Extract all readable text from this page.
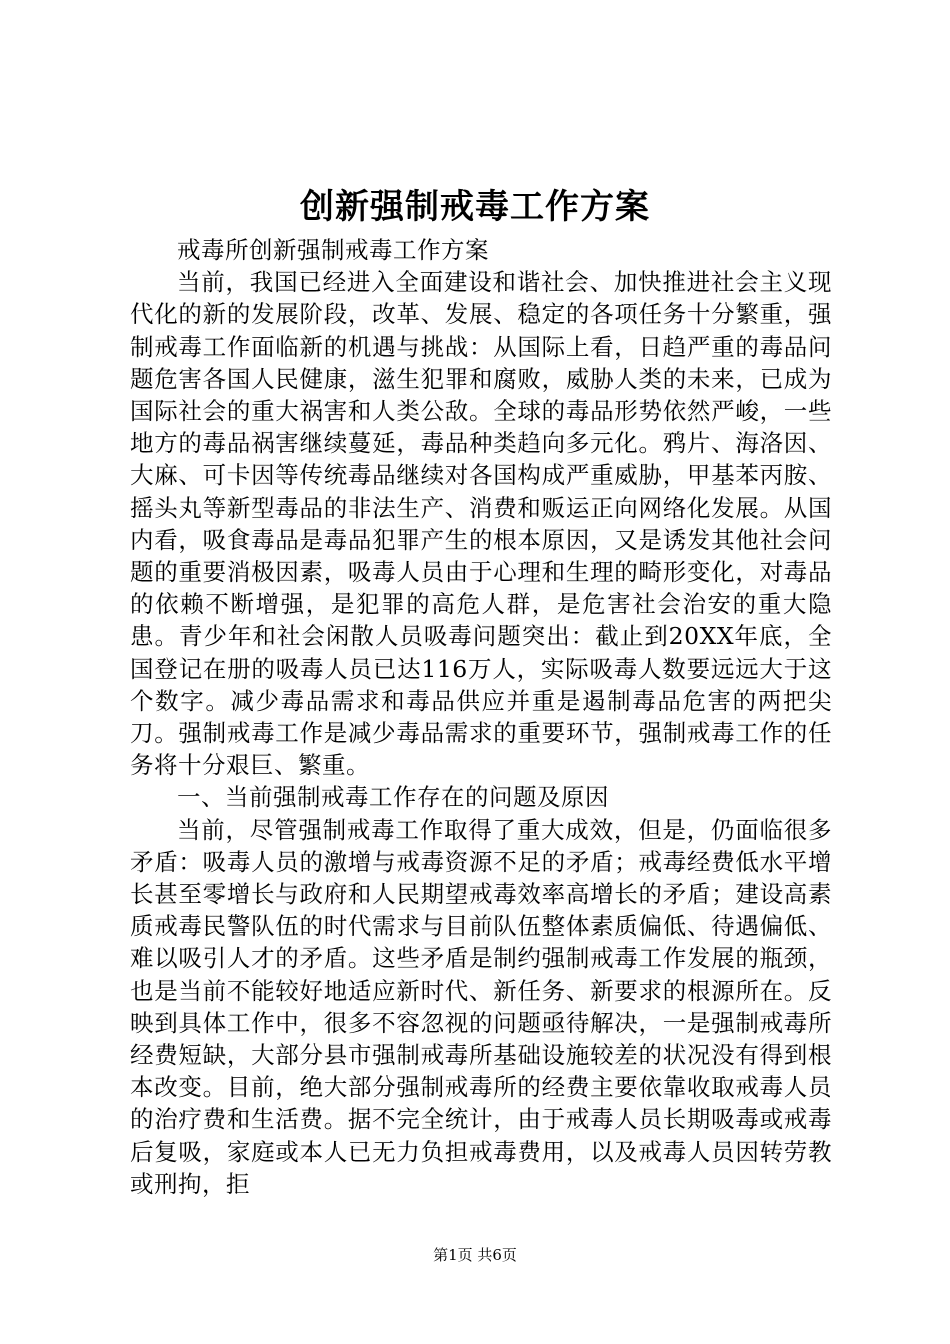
创新强制戒毒工作方案

戒毒所创新强制戒毒工作方案

当前，我国已经进入全面建设和谐社会、加快推进社会主义现代化的新的发展阶段，改革、发展、稳定的各项任务十分繁重，强制戒毒工作面临新的机遇与挑战：从国际上看，日趋严重的毒品问题危害各国人民健康，滋生犯罪和腐败，威胁人类的未来，已成为国际社会的重大祸害和人类公敌。全球的毒品形势依然严峻，一些地方的毒品祸害继续蔓延，毒品种类趋向多元化。鸦片、海洛因、大麻、可卡因等传统毒品继续对各国构成严重威胁，甲基苯丙胺、摇头丸等新型毒品的非法生产、消费和贩运正向网络化发展。从国内看，吸食毒品是毒品犯罪产生的根本原因，又是诱发其他社会问题的重要消极因素，吸毒人员由于心理和生理的畸形变化，对毒品的依赖不断增强，是犯罪的高危人群，是危害社会治安的重大隐患。青少年和社会闲散人员吸毒问题突出：截止到20XX年底，全国登记在册的吸毒人员已达116万人，实际吸毒人数要远远大于这个数字。减少毒品需求和毒品供应并重是遏制毒品危害的两把尖刀。强制戒毒工作是减少毒品需求的重要环节，强制戒毒工作的任务将十分艰巨、繁重。

一、当前强制戒毒工作存在的问题及原因

当前，尽管强制戒毒工作取得了重大成效，但是，仍面临很多矛盾：吸毒人员的激增与戒毒资源不足的矛盾；戒毒经费低水平增长甚至零增长与政府和人民期望戒毒效率高增长的矛盾；建设高素质戒毒民警队伍的时代需求与目前队伍整体素质偏低、待遇偏低、难以吸引人才的矛盾。这些矛盾是制约强制戒毒工作发展的瓶颈，也是当前不能较好地适应新时代、新任务、新要求的根源所在。反映到具体工作中，很多不容忽视的问题亟待解决，一是强制戒毒所经费短缺，大部分县市强制戒毒所基础设施较差的状况没有得到根本改变。目前，绝大部分强制戒毒所的经费主要依靠收取戒毒人员的治疗费和生活费。据不完全统计，由于戒毒人员长期吸毒或戒毒后复吸，家庭或本人已无力负担戒毒费用，以及戒毒人员因转劳教或刑拘，拒

第1页 共6页
